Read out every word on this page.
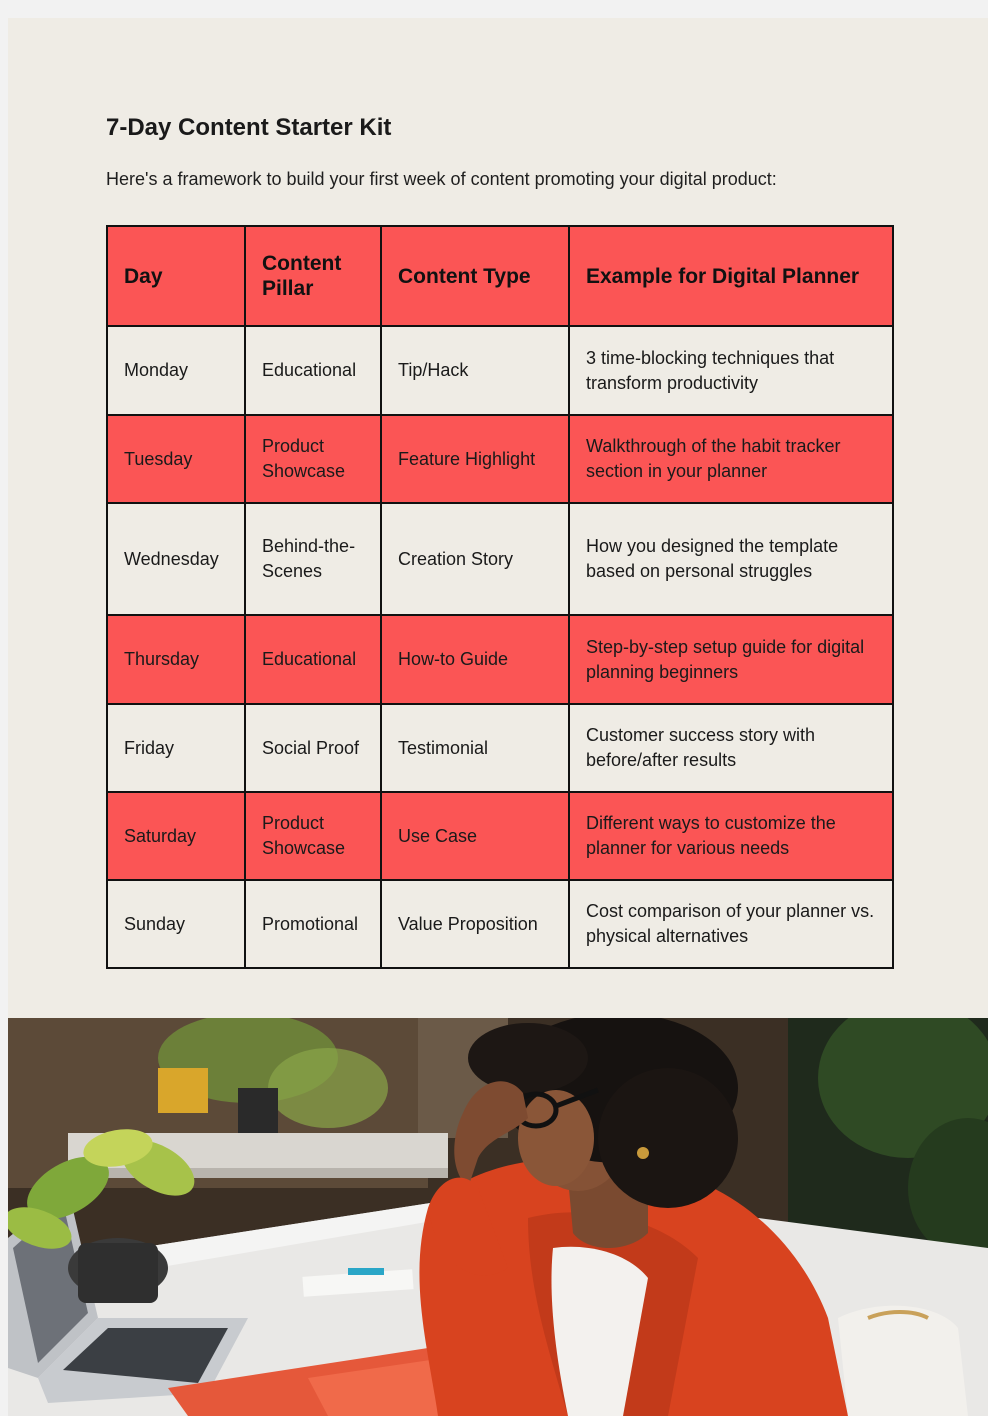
7-Day Content Starter Kit

Here's a framework to build your first week of content promoting your digital product:

Day	Content Pillar	Content Type	Example for Digital Planner
Monday	Educational	Tip/Hack	3 time-blocking techniques that transform productivity
Tuesday	Product Showcase	Feature Highlight	Walkthrough of the habit tracker section in your planner
Wednesday	Behind-the-Scenes	Creation Story	How you designed the template based on personal struggles
Thursday	Educational	How-to Guide	Step-by-step setup guide for digital planning beginners
Friday	Social Proof	Testimonial	Customer success story with before/after results
Saturday	Product Showcase	Use Case	Different ways to customize the planner for various needs
Sunday	Promotional	Value Proposition	Cost comparison of your planner vs. physical alternatives
